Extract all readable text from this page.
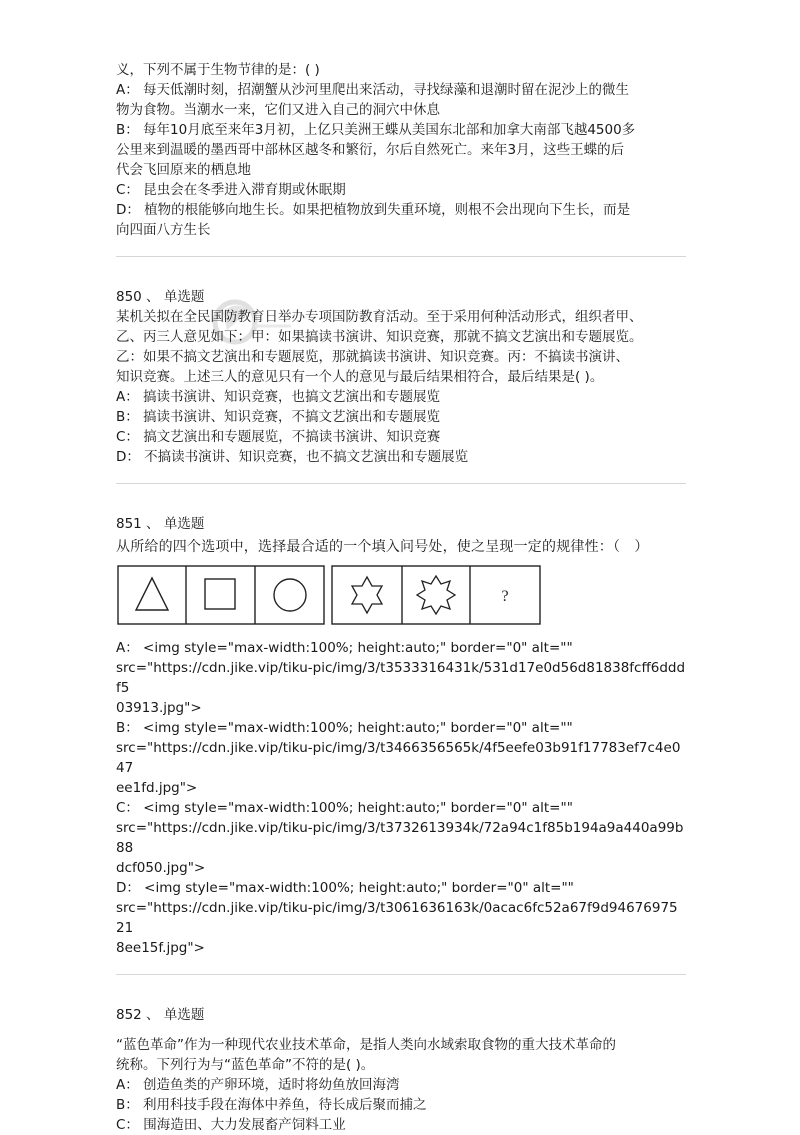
义，下列不属于生物节律的是：( )
A： 每天低潮时刻，招潮蟹从沙河里爬出来活动，寻找绿藻和退潮时留在泥沙上的微生
物为食物。当潮水一来，它们又进入自己的洞穴中休息
B： 每年10月底至来年3月初，上亿只美洲王蝶从美国东北部和加拿大南部飞越4500多
公里来到温暖的墨西哥中部林区越冬和繁衍，尔后自然死亡。来年3月，这些王蝶的后
代会飞回原来的栖息地
C： 昆虫会在冬季进入滞育期或休眠期
D： 植物的根能够向地生长。如果把植物放到失重环境，则根不会出现向下生长，而是
向四面八方生长
850 、 单选题
某机关拟在全民国防教育日举办专项国防教育活动。至于采用何种活动形式，组织者甲、
乙、丙三人意见如下：甲：如果搞读书演讲、知识竞赛，那就不搞文艺演出和专题展览。
乙：如果不搞文艺演出和专题展览，那就搞读书演讲、知识竞赛。丙：不搞读书演讲、
知识竞赛。上述三人的意见只有一个人的意见与最后结果相符合，最后结果是( )。
A： 搞读书演讲、知识竞赛，也搞文艺演出和专题展览
B： 搞读书演讲、知识竞赛，不搞文艺演出和专题展览
C： 搞文艺演出和专题展览，不搞读书演讲、知识竞赛
D： 不搞读书演讲、知识竞赛，也不搞文艺演出和专题展览
851 、 单选题
从所给的四个选项中，选择最合适的一个填入问号处，使之呈现一定的规律性：（　）
?
A： <img style="max-width:100%; height:auto;" border="0" alt=""
src="https://cdn.jike.vip/tiku-pic/img/3/t3533316431k/531d17e0d56d81838fcff6dddf5
03913.jpg">
B： <img style="max-width:100%; height:auto;" border="0" alt=""
src="https://cdn.jike.vip/tiku-pic/img/3/t3466356565k/4f5eefe03b91f17783ef7c4e047
ee1fd.jpg">
C： <img style="max-width:100%; height:auto;" border="0" alt=""
src="https://cdn.jike.vip/tiku-pic/img/3/t3732613934k/72a94c1f85b194a9a440a99b88
dcf050.jpg">
D： <img style="max-width:100%; height:auto;" border="0" alt=""
src="https://cdn.jike.vip/tiku-pic/img/3/t3061636163k/0acac6fc52a67f9d9467697521
8ee15f.jpg">
852 、 单选题
“蓝色革命”作为一种现代农业技术革命，是指人类向水域索取食物的重大技术革命的
统称。下列行为与“蓝色革命”不符的是( )。
A： 创造鱼类的产卵环境，适时将幼鱼放回海湾
B： 利用科技手段在海体中养鱼，待长成后聚而捕之
C： 围海造田、大力发展畜产饲料工业
